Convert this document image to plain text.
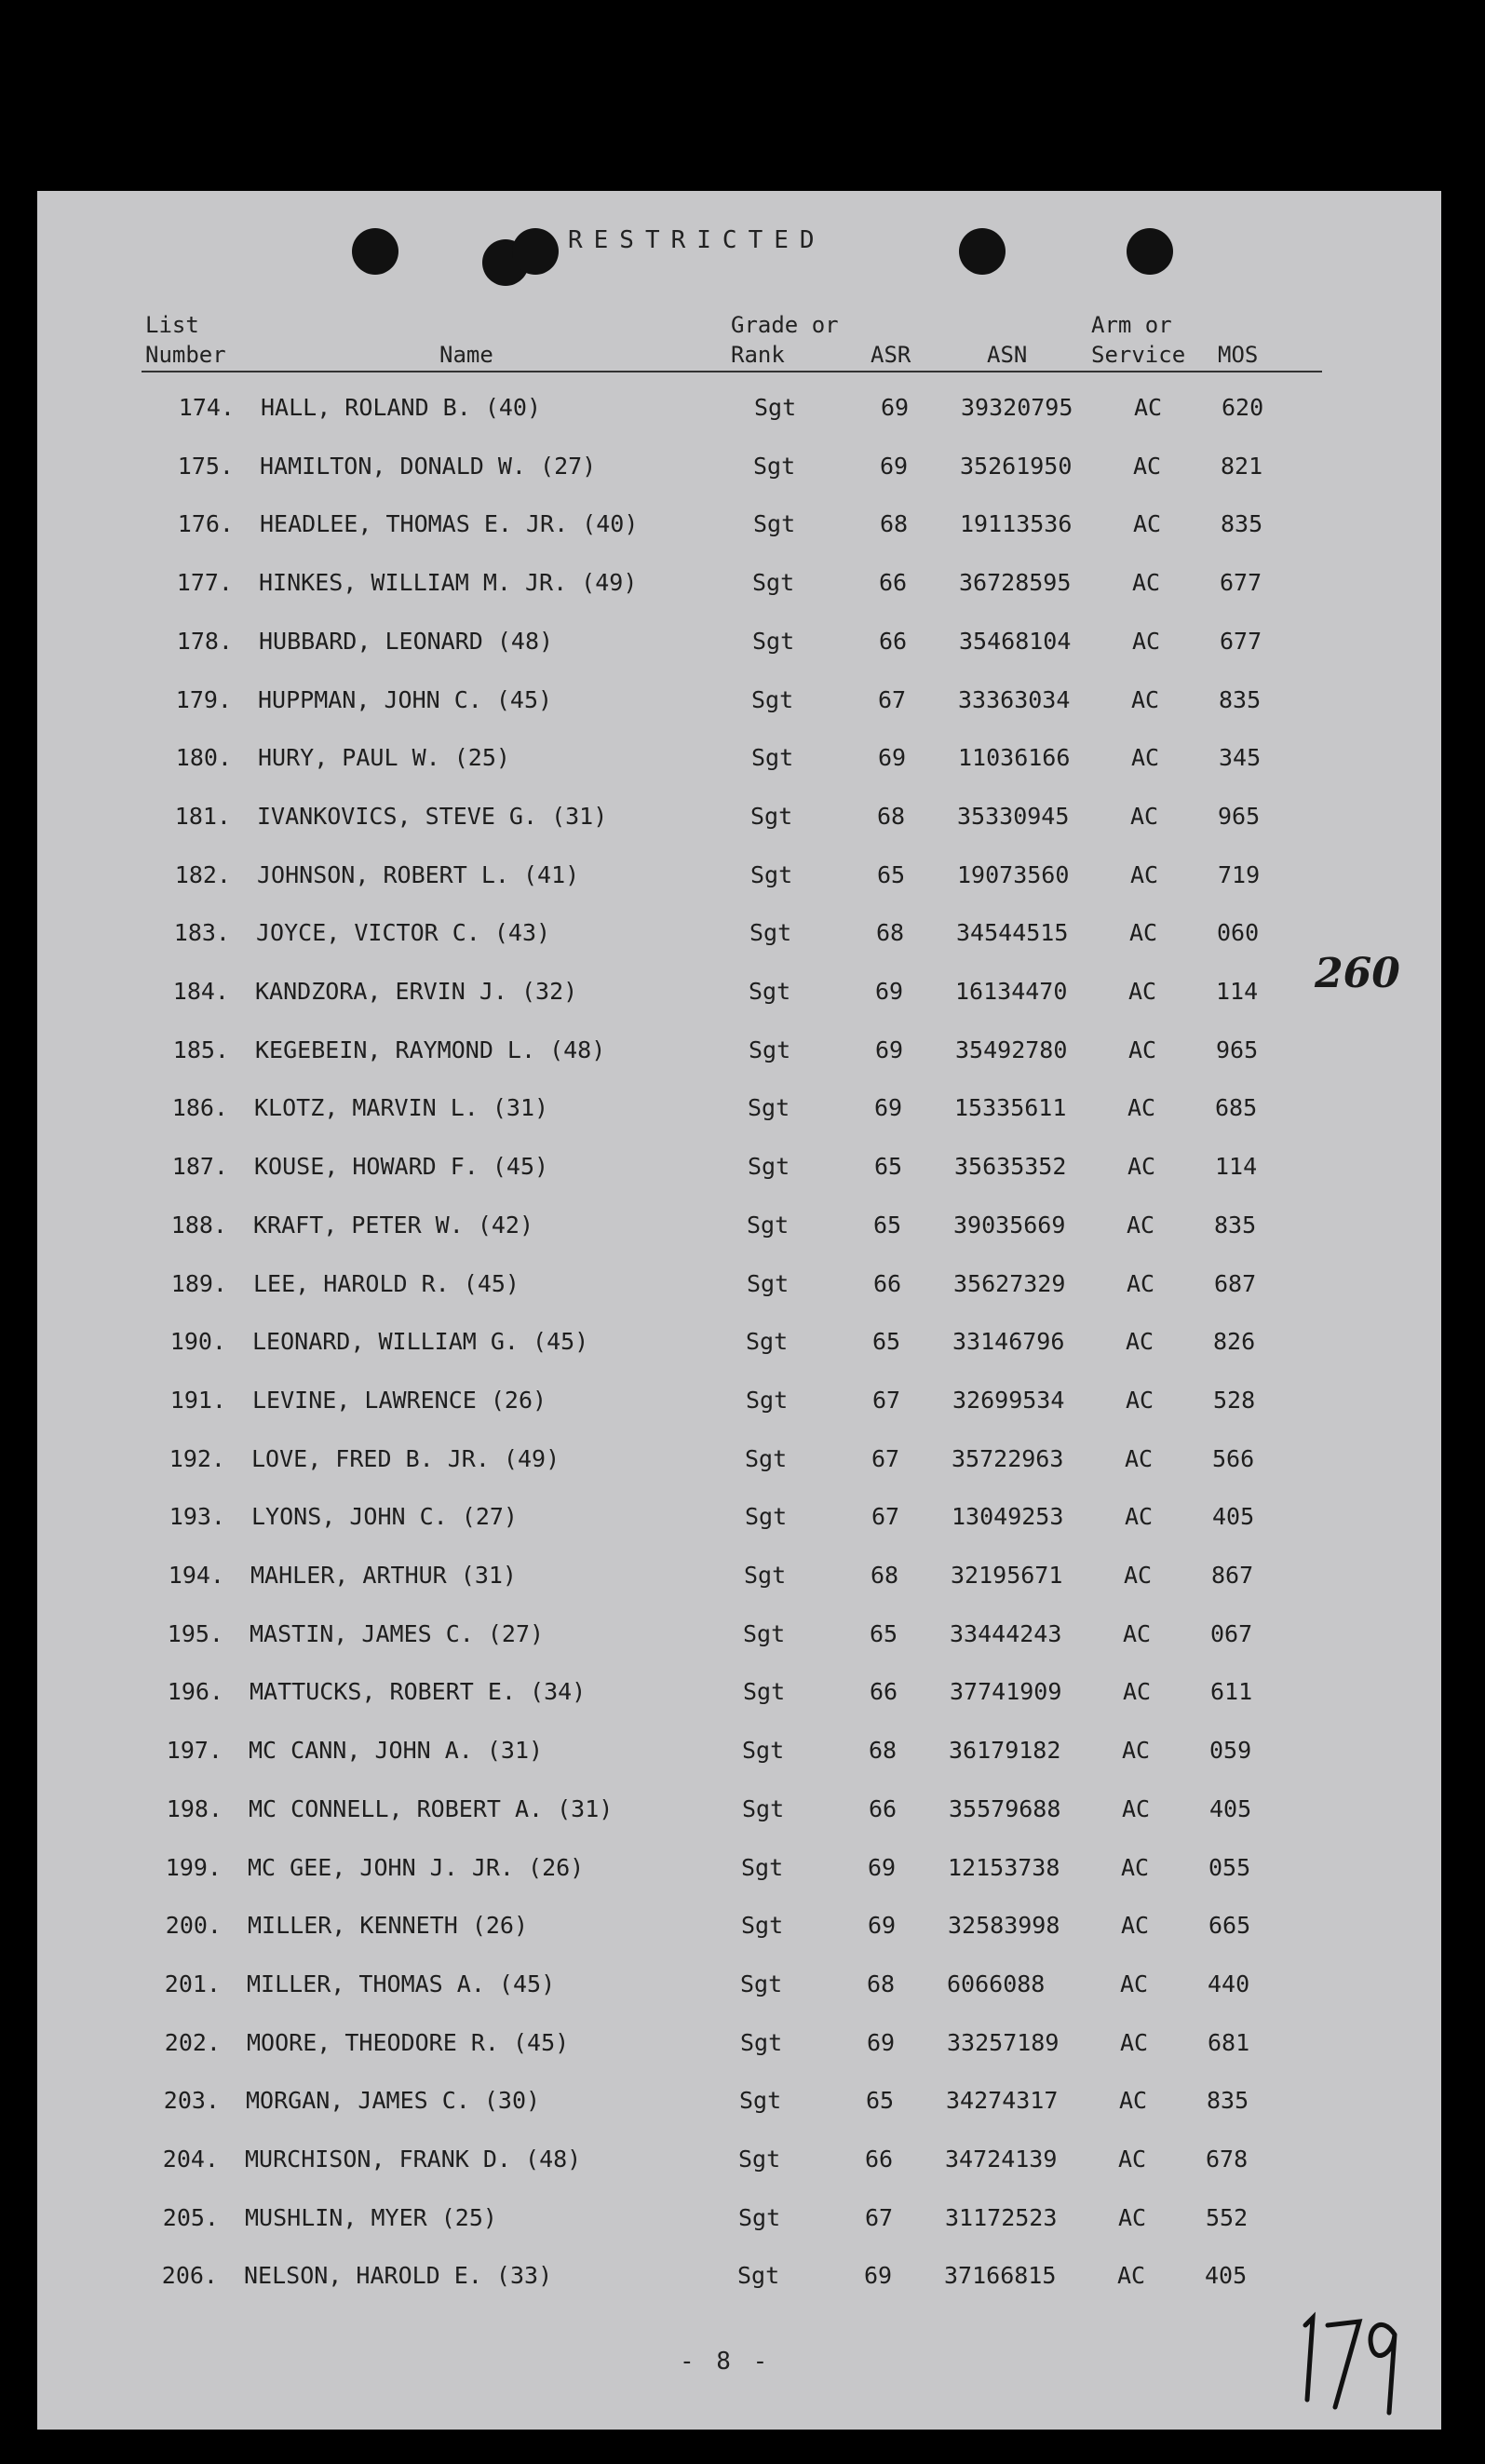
RESTRICTED
List
Number	Name
Grade or
Rank	ASR	ASN
Arm or
Service MOS
174. HALL, ROLAND B. (40)	Sgt	69 39320795	AC	620
175. HAMILTON, DONALD W. (27)	Sgt	69 35261950	AC	821
176. HEADLEE, THOMAS E. JR. (40)	Sgt	68 19113536	AC	835
177. HINKES, WILLIAM M. JR. (49)	Sgt	66 36728595	AC	677
178. HUBBARD, LEONARD (48)	Sgt	66 35468104	AC	677
179. HUPPMAN, JOHN C. (45)	Sgt	67 33363034	AC	835
180. HURY, PAUL W. (25)	Sgt	69 11036166	AC	345
181. IVANKOVICS, STEVE G. (31)	Sgt	68 35330945	AC	965
182. JOHNSON, ROBERT L. (41)	Sgt	65 19073560	AC	719
183. JOYCE, VICTOR C. (43)	Sgt	68 34544515	AC	060
184. KANDZORA, ERVIN J. (32)	Sgt	69 16134470	AC	114
185. KEGEBEIN, RAYMOND L. (48)	Sgt	69 35492780	AC	965
186. KLOTZ, MARVIN L. (31)	Sgt	69 15335611	AC	685
187. KOUSE, HOWARD F. (45)	Sgt	65 35635352	AC	114
188. KRAFT, PETER W. (42)	Sgt	65 39035669	AC	835
189. LEE, HAROLD R. (45)	Sgt	66 35627329	AC	687
190. LEONARD, WILLIAM G. (45)	Sgt	65 33146796	AC	826
191. LEVINE, LAWRENCE (26)	Sgt	67 32699534	AC	528
192. LOVE, FRED B. JR. (49)	Sgt	67 35722963	AC	566
193. LYONS, JOHN C. (27)	Sgt	67 13049253	AC	405
194. MAHLER, ARTHUR (31)	Sgt	68 32195671	AC	867
195. MASTIN, JAMES C. (27)	Sgt	65 33444243	AC	067
196. MATTUCKS, ROBERT E. (34)	Sgt	66 37741909	AC	611
197. MC CANN, JOHN A. (31)	Sgt	68 36179182	AC	059
198. MC CONNELL, ROBERT A. (31)	Sgt	66 35579688	AC	405
199. MC GEE, JOHN J. JR. (26)	Sgt	69 12153738	AC	055
200. MILLER, KENNETH (26)	Sgt	69 32583998	AC	665
201. MILLER, THOMAS A. (45)	Sgt	68 6066088	AC	440
202. MOORE, THEODORE R. (45)	Sgt	69 33257189	AC	681
203. MORGAN, JAMES C. (30)	Sgt	65 34274317	AC	835
204. MURCHISON, FRANK D. (48)	Sgt	66 34724139	AC	678
205. MUSHLIN, MYER (25)	Sgt	67 31172523	AC	552
206. NELSON, HAROLD E. (33)	Sgt	69 37166815	AC	405
260
- 8 -
